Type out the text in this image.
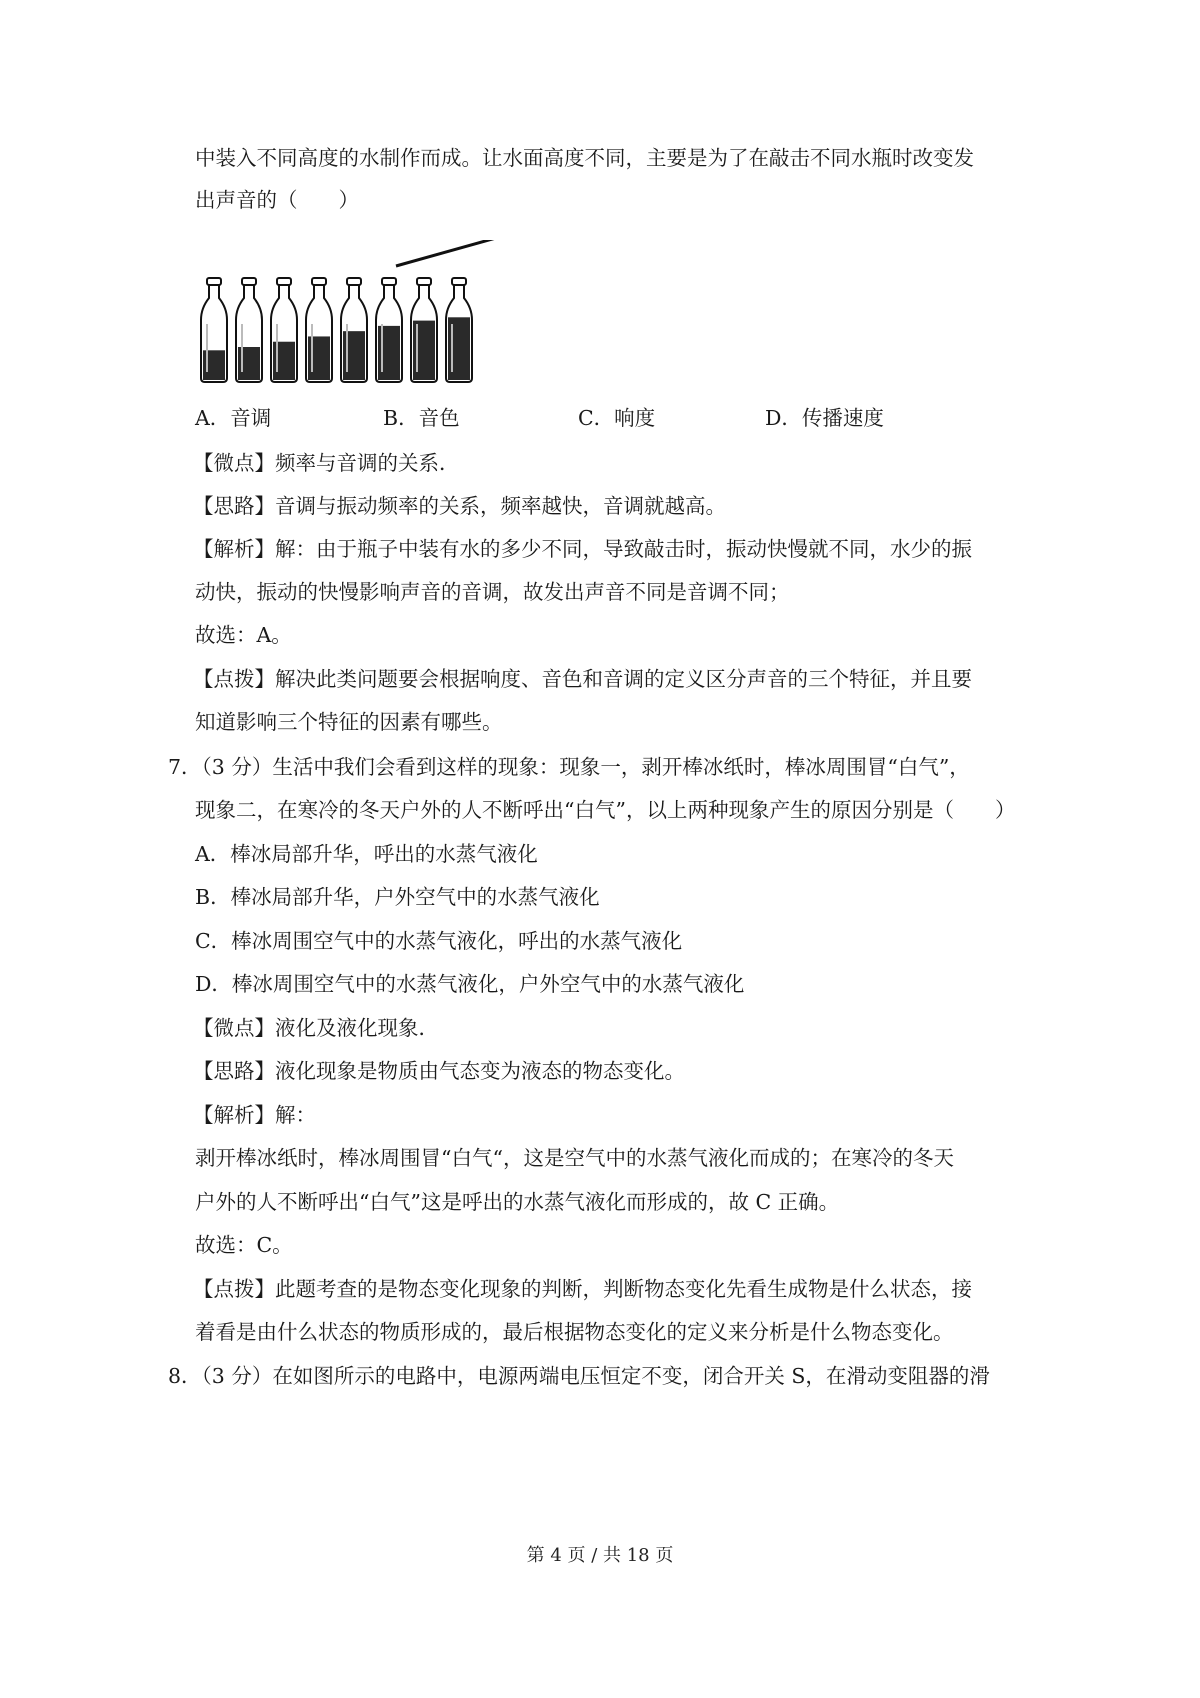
中装入不同高度的水制作而成。让水面高度不同，主要是为了在敲击不同水瓶时改变发
出声音的（　　）
A．音调	B．音色	C．响度	D．传播速度
【微点】频率与音调的关系．
【思路】音调与振动频率的关系，频率越快，音调就越高。
【解析】解：由于瓶子中装有水的多少不同，导致敲击时，振动快慢就不同，水少的振
动快，振动的快慢影响声音的音调，故发出声音不同是音调不同；
故选：A。
【点拨】解决此类问题要会根据响度、音色和音调的定义区分声音的三个特征，并且要
知道影响三个特征的因素有哪些。
7．（3 分）生活中我们会看到这样的现象：现象一，剥开棒冰纸时，棒冰周围冒“白气”，
现象二，在寒冷的冬天户外的人不断呼出“白气”，以上两种现象产生的原因分别是（　　）
A．棒冰局部升华，呼出的水蒸气液化
B．棒冰局部升华，户外空气中的水蒸气液化
C．棒冰周围空气中的水蒸气液化，呼出的水蒸气液化
D．棒冰周围空气中的水蒸气液化，户外空气中的水蒸气液化
【微点】液化及液化现象．
【思路】液化现象是物质由气态变为液态的物态变化。
【解析】解：
剥开棒冰纸时，棒冰周围冒“白气“，这是空气中的水蒸气液化而成的；在寒冷的冬天
户外的人不断呼出“白气”这是呼出的水蒸气液化而形成的，故 C 正确。
故选：C。
【点拨】此题考查的是物态变化现象的判断，判断物态变化先看生成物是什么状态，接
着看是由什么状态的物质形成的，最后根据物态变化的定义来分析是什么物态变化。
8．（3 分）在如图所示的电路中，电源两端电压恒定不变，闭合开关 S，在滑动变阻器的滑
第 4 页 / 共 18 页
